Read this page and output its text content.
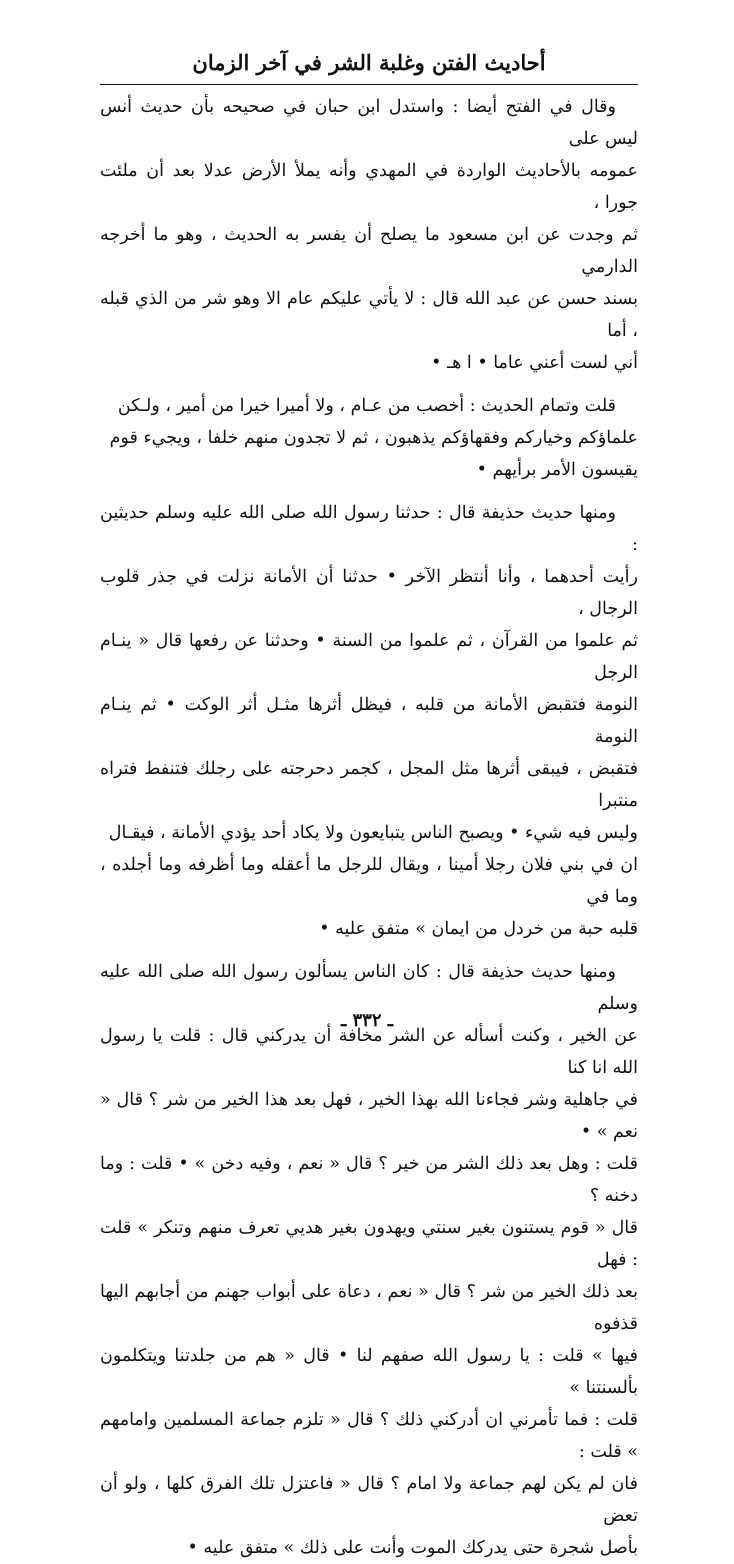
أحاديث الفتن وغلبة الشر في آخر الزمان
وقال في الفتح أيضا : واستدل ابن حبان في صحيحه بأن حديث أنس ليس على
عمومه بالأحاديث الواردة في المهدي وأنه يملأ الأرض عدلا بعد أن ملئت جورا ،
ثم وجدت عن ابن مسعود ما يصلح أن يفسر به الحديث ، وهو ما أخرجه الدارمي
بسند حسن عن عبد الله قال : لا يأتي عليكم عام الا وهو شر من الذي قبله ، أما
أني لست أعني عاما • ا هـ •
قلت وتمام الحديث : أخصب من عـام ، ولا أميرا خيرا من أمير ، ولـكن
علماؤكم وخياركم وفقهاؤكم يذهبون ، ثم لا تجدون منهم خلفا ، ويجيء قوم
يقيسون الأمر برأيهم •
ومنها حديث حذيفة قال : حدثنا رسول الله صلى الله عليه وسلم حديثين :
رأيت أحدهما ، وأنا أنتظر الآخر • حدثنا أن الأمانة نزلت في جذر قلوب الرجال ،
ثم علموا من القرآن ، ثم علموا من السنة • وحدثنا عن رفعها قال « ينـام الرجل
النومة فتقبض الأمانة من قلبه ، فيظل أثرها مثـل أثر الوكت • ثم ينـام النومة
فتقبض ، فيبقى أثرها مثل المجل ، كجمر دحرجته على رجلك فتنفط فتراه منتبرا
وليس فيه شيء • ويصبح الناس يتبايعون ولا يكاد أحد يؤدي الأمانة ، فيقـال
ان في بني فلان رجلا أمينا ، ويقال للرجل ما أعقله وما أظرفه وما أجلده ، وما في
قلبه حبة من خردل من ايمان » متفق عليه •
ومنها حديث حذيفة قال : كان الناس يسألون رسول الله صلى الله عليه وسلم
عن الخير ، وكنت أسأله عن الشر مخافة أن يدركني قال : قلت يا رسول الله انا كنا
في جاهلية وشر فجاءنا الله بهذا الخير ، فهل بعد هذا الخير من شر ؟ قال « نعم » •
قلت : وهل بعد ذلك الشر من خير ؟ قال « نعم ، وفيه دخن » • قلت : وما دخنه ؟
قال « قوم يستنون بغير سنتي ويهدون بغير هديي تعرف منهم وتنكر » قلت : فهل
بعد ذلك الخير من شر ؟ قال « نعم ، دعاة على أبواب جهنم من أجابهم اليها قذفوه
فيها » قلت : يا رسول الله صفهم لنا • قال « هم من جلدتنا ويتكلمون بألسنتنا »
قلت : فما تأمرني ان أدركني ذلك ؟ قال « تلزم جماعة المسلمين وامامهم » قلت :
فان لم يكن لهم جماعة ولا امام ؟ قال « فاعتزل تلك الفرق كلها ، ولو أن تعض
بأصل شجرة حتى يدركك الموت وأنت على ذلك » متفق عليه •
ـ ٣٣٢ ـ
